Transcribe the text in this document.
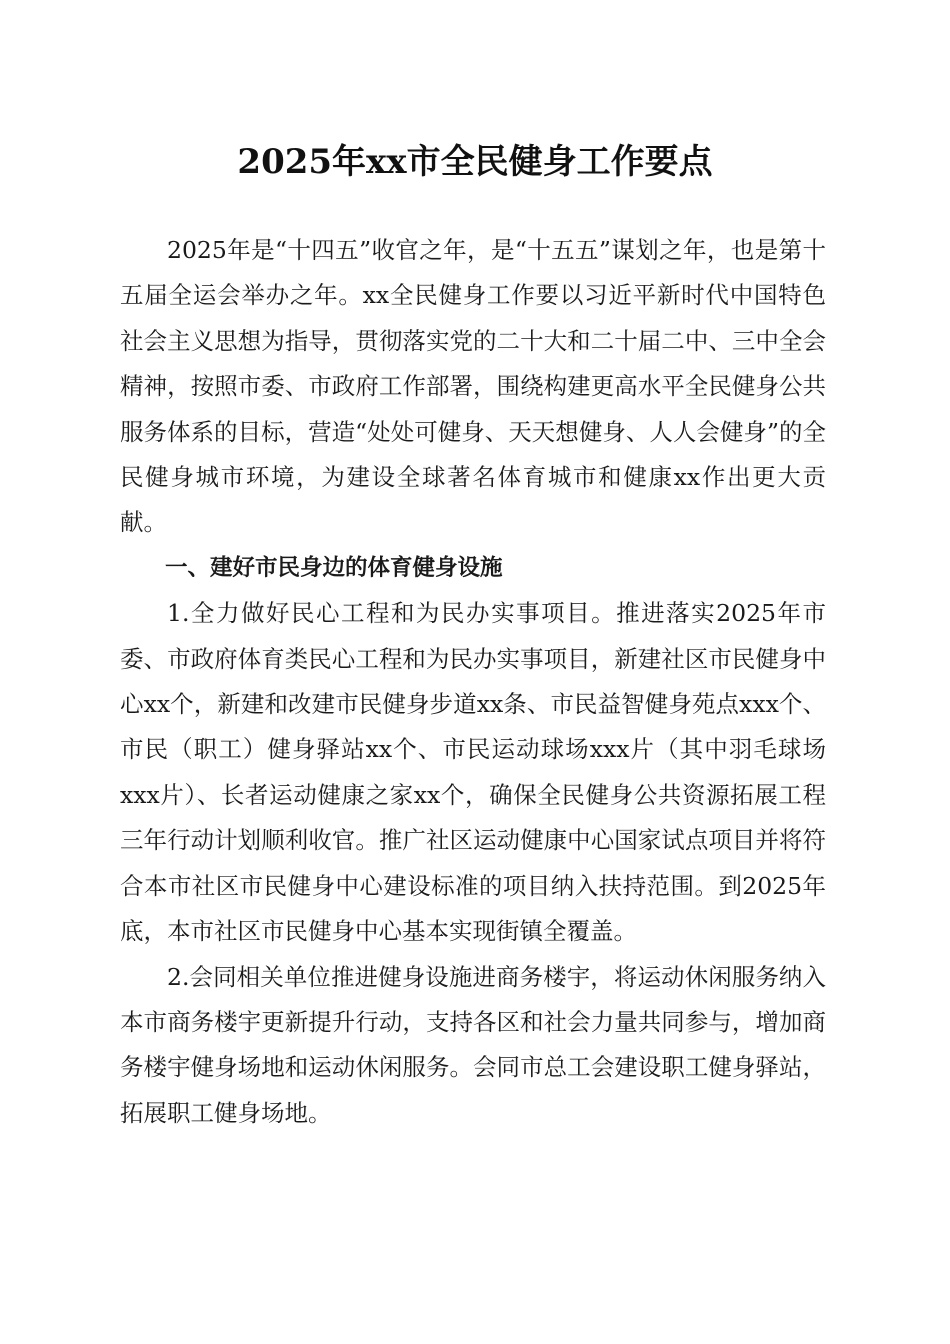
2025年xx市全民健身工作要点

2025年是“十四五”收官之年，是“十五五”谋划之年，也是第十五届全运会举办之年。xx全民健身工作要以习近平新时代中国特色社会主义思想为指导，贯彻落实党的二十大和二十届二中、三中全会精神，按照市委、市政府工作部署，围绕构建更高水平全民健身公共服务体系的目标，营造“处处可健身、天天想健身、人人会健身”的全民健身城市环境，为建设全球著名体育城市和健康xx作出更大贡献。

一、建好市民身边的体育健身设施

1.全力做好民心工程和为民办实事项目。推进落实2025年市委、市政府体育类民心工程和为民办实事项目，新建社区市民健身中心xx个，新建和改建市民健身步道xx条、市民益智健身苑点xxx个、市民（职工）健身驿站xx个、市民运动球场xxx片（其中羽毛球场xxx片）、长者运动健康之家xx个，确保全民健身公共资源拓展工程三年行动计划顺利收官。推广社区运动健康中心国家试点项目并将符合本市社区市民健身中心建设标准的项目纳入扶持范围。到2025年底，本市社区市民健身中心基本实现街镇全覆盖。

2.会同相关单位推进健身设施进商务楼宇，将运动休闲服务纳入本市商务楼宇更新提升行动，支持各区和社会力量共同参与，增加商务楼宇健身场地和运动休闲服务。会同市总工会建设职工健身驿站，拓展职工健身场地。
